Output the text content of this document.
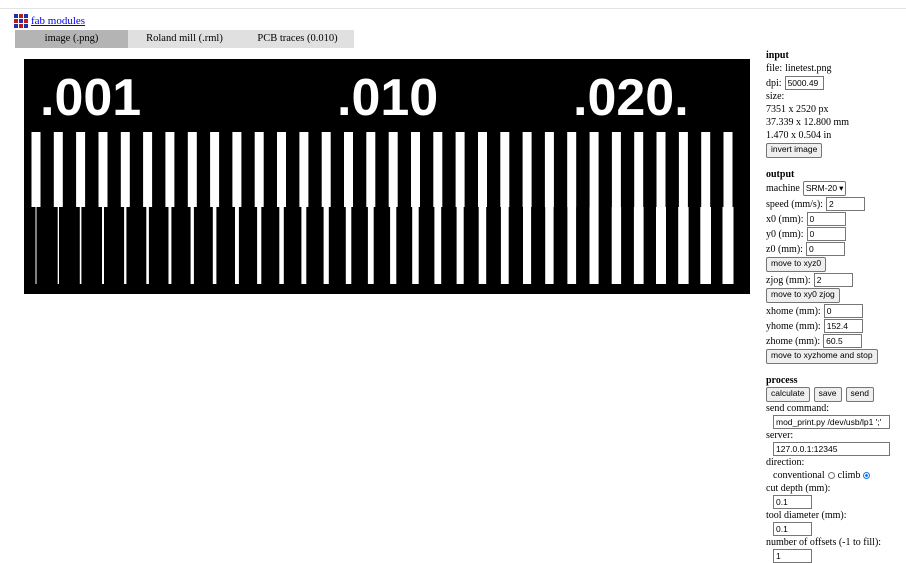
fab modules
image (.png)	Roland mill (.rml)	PCB traces (0.010)
.001	.010	.020.
input
file: linetest.png
dpi:
5000.49
size:
7351 x 2520 px
37.339 x 12.800 mm
1.470 x 0.504 in
invert image
output
machine SRM-20 ▾
speed (mm/s):
2
x0 (mm):
0
y0 (mm):
0
z0 (mm):
0
move to xyz0
zjog (mm):
2
move to xy0 zjog
xhome (mm):
0
yhome (mm):
152.4
zhome (mm):
60.5
move to xyzhome and stop
process
calculate	save	send
send command:
mod_print.py /dev/usb/lp1 ';'
server:
127.0.0.1:12345
direction:
conventional climb
cut depth (mm):
0.1
tool diameter (mm):
0.1
number of offsets (-1 to fill):
1
